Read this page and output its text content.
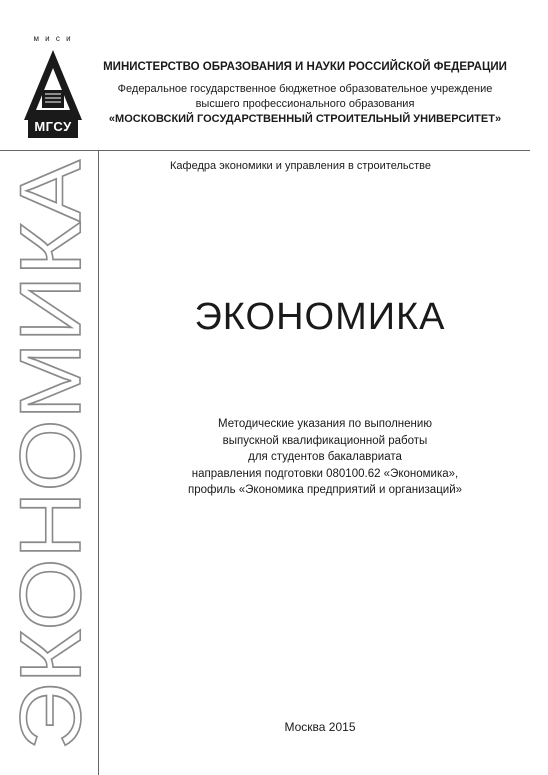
м и с и
МГСУ
МИНИСТЕРСТВО ОБРАЗОВАНИЯ И НАУКИ РОССИЙСКОЙ ФЕДЕРАЦИИ
Федеральное государственное бюджетное образовательное учреждение
высшего профессионального образования
«МОСКОВСКИЙ ГОСУДАРСТВЕННЫЙ СТРОИТЕЛЬНЫЙ УНИВЕРСИТЕТ»
ЭКОНОМИКА
Кафедра экономики и управления в строительстве
ЭКОНОМИКА
Методические указания по выполнению
выпускной квалификационной работы
для студентов бакалавриата
направления подготовки 080100.62 «Экономика»,
профиль «Экономика предприятий и организаций»
Москва 2015
